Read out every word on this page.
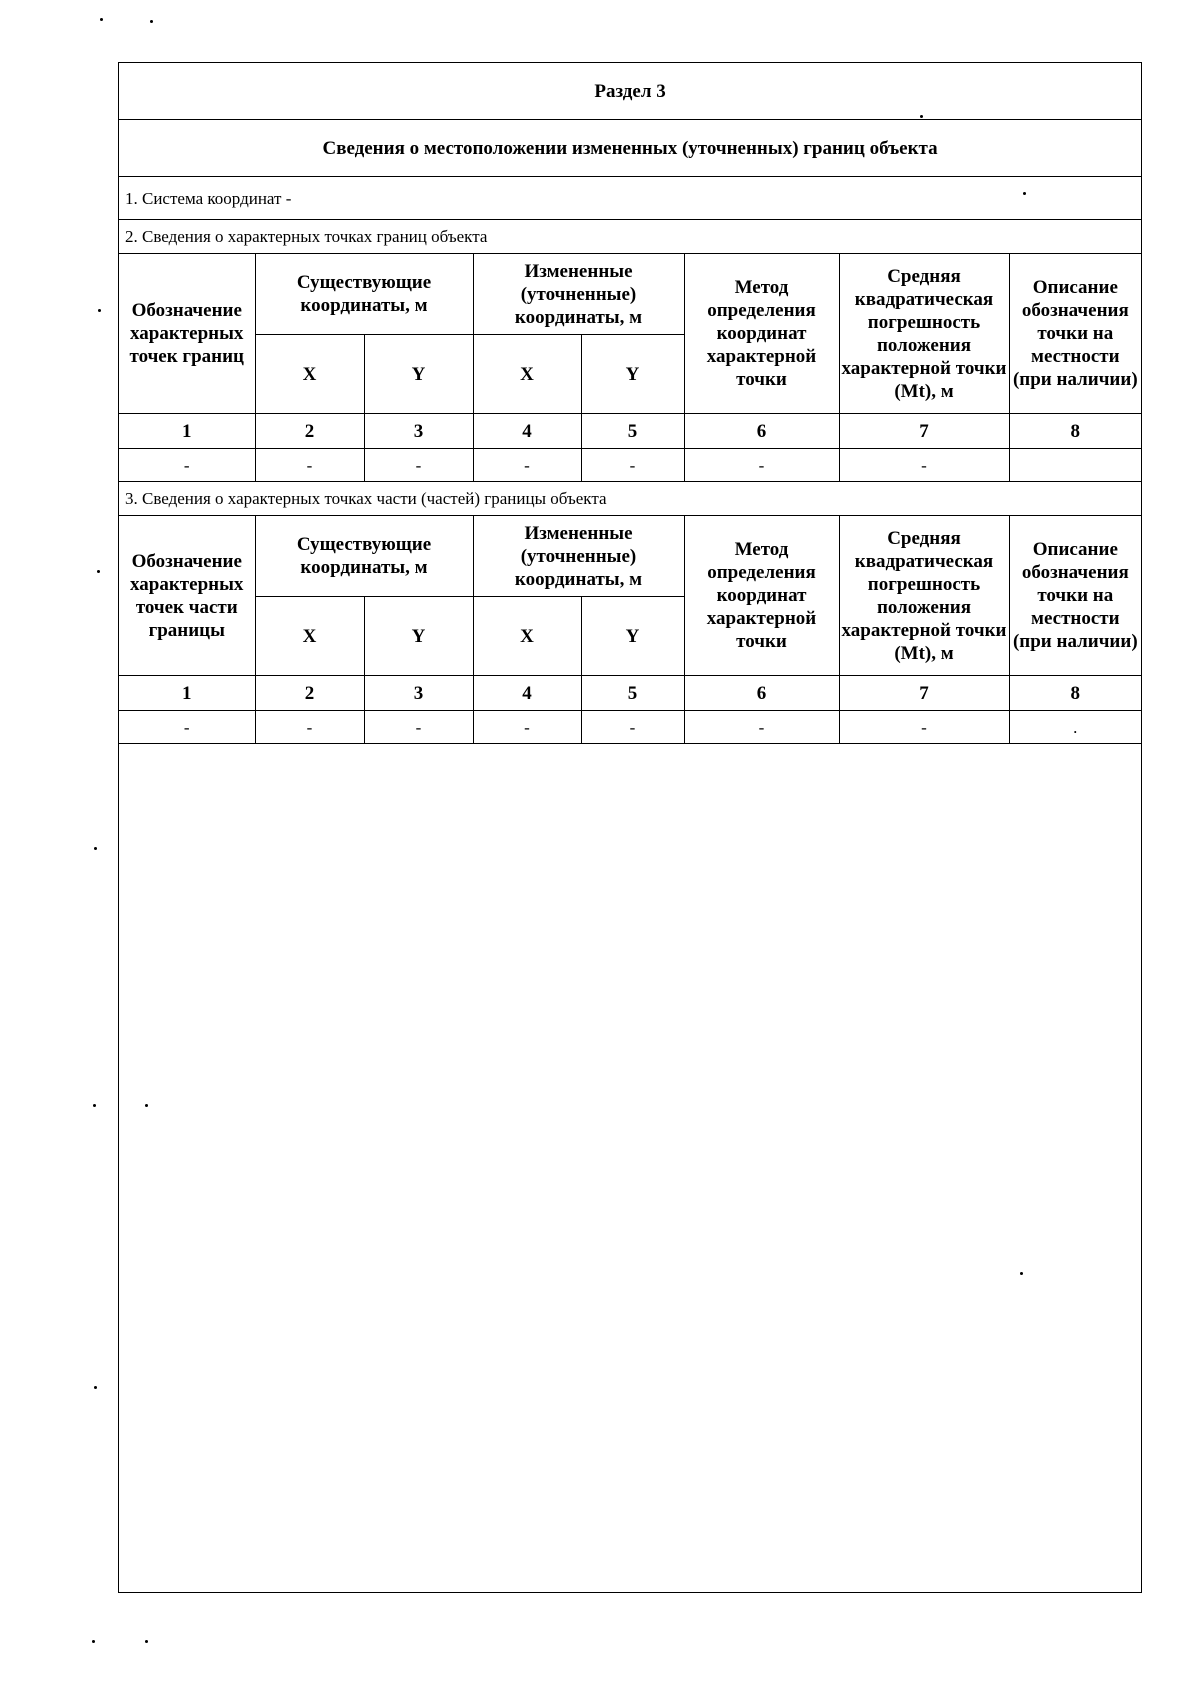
Раздел 3							
Сведения о местоположении измененных (уточненных) границ объекта							
1. Система координат -							
2. Сведения о характерных точках границ объекта							
Обозначение характерных точек границ	Существующие координаты, м		Измененные (уточненные) координаты, м		Метод определения координат характерной точки	Средняя квадратическая погрешность положения характерной точки (Mt), м	Описание обозначения точки на местности (при наличии)
	X	Y	X	Y			
1	2	3	4	5	6	7	8
-	-	-	-	-	-	-	
3. Сведения о характерных точках части (частей) границы объекта							
Обозначение характерных точек части границы	Существующие координаты, м		Измененные (уточненные) координаты, м		Метод определения координат характерной точки	Средняя квадратическая погрешность положения характерной точки (Mt), м	Описание обозначения точки на местности (при наличии)
	X	Y	X	Y			
1	2	3	4	5	6	7	8
-	-	-	-	-	-	-	.
